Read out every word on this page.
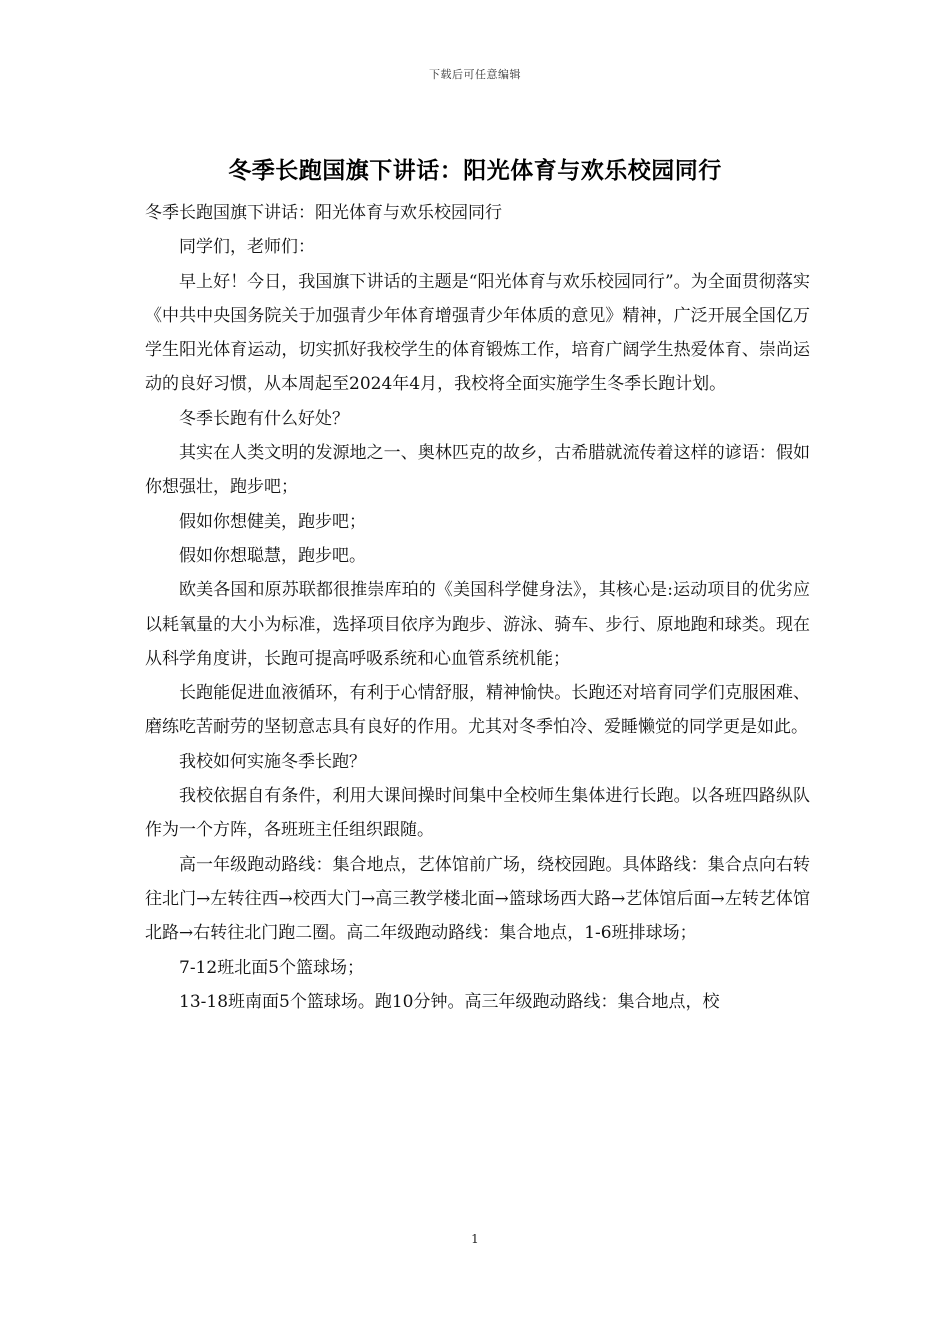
下载后可任意编辑
冬季长跑国旗下讲话：阳光体育与欢乐校园同行

冬季长跑国旗下讲话：阳光体育与欢乐校园同行

同学们，老师们：

早上好！今日，我国旗下讲话的主题是“阳光体育与欢乐校园同行”。为全面贯彻落实《中共中央国务院关于加强青少年体育增强青少年体质的意见》精神，广泛开展全国亿万学生阳光体育运动，切实抓好我校学生的体育锻炼工作，培育广阔学生热爱体育、崇尚运动的良好习惯，从本周起至2024年4月，我校将全面实施学生冬季长跑计划。

冬季长跑有什么好处？

其实在人类文明的发源地之一、奥林匹克的故乡，古希腊就流传着这样的谚语：假如你想强壮，跑步吧；

假如你想健美，跑步吧；

假如你想聪慧，跑步吧。

欧美各国和原苏联都很推崇库珀的《美国科学健身法》，其核心是:运动项目的优劣应以耗氧量的大小为标准，选择项目依序为跑步、游泳、骑车、步行、原地跑和球类。现在从科学角度讲，长跑可提高呼吸系统和心血管系统机能；

长跑能促进血液循环，有利于心情舒服，精神愉快。长跑还对培育同学们克服困难、磨练吃苦耐劳的坚韧意志具有良好的作用。尤其对冬季怕冷、爱睡懒觉的同学更是如此。

我校如何实施冬季长跑？

我校依据自有条件，利用大课间操时间集中全校师生集体进行长跑。以各班四路纵队作为一个方阵，各班班主任组织跟随。

高一年级跑动路线：集合地点，艺体馆前广场，绕校园跑。具体路线：集合点向右转往北门→左转往西→校西大门→高三教学楼北面→篮球场西大路→艺体馆后面→左转艺体馆北路→右转往北门跑二圈。高二年级跑动路线：集合地点，1-6班排球场；

7-12班北面5个篮球场；

13-18班南面5个篮球场。跑10分钟。高三年级跑动路线：集合地点，校

1
